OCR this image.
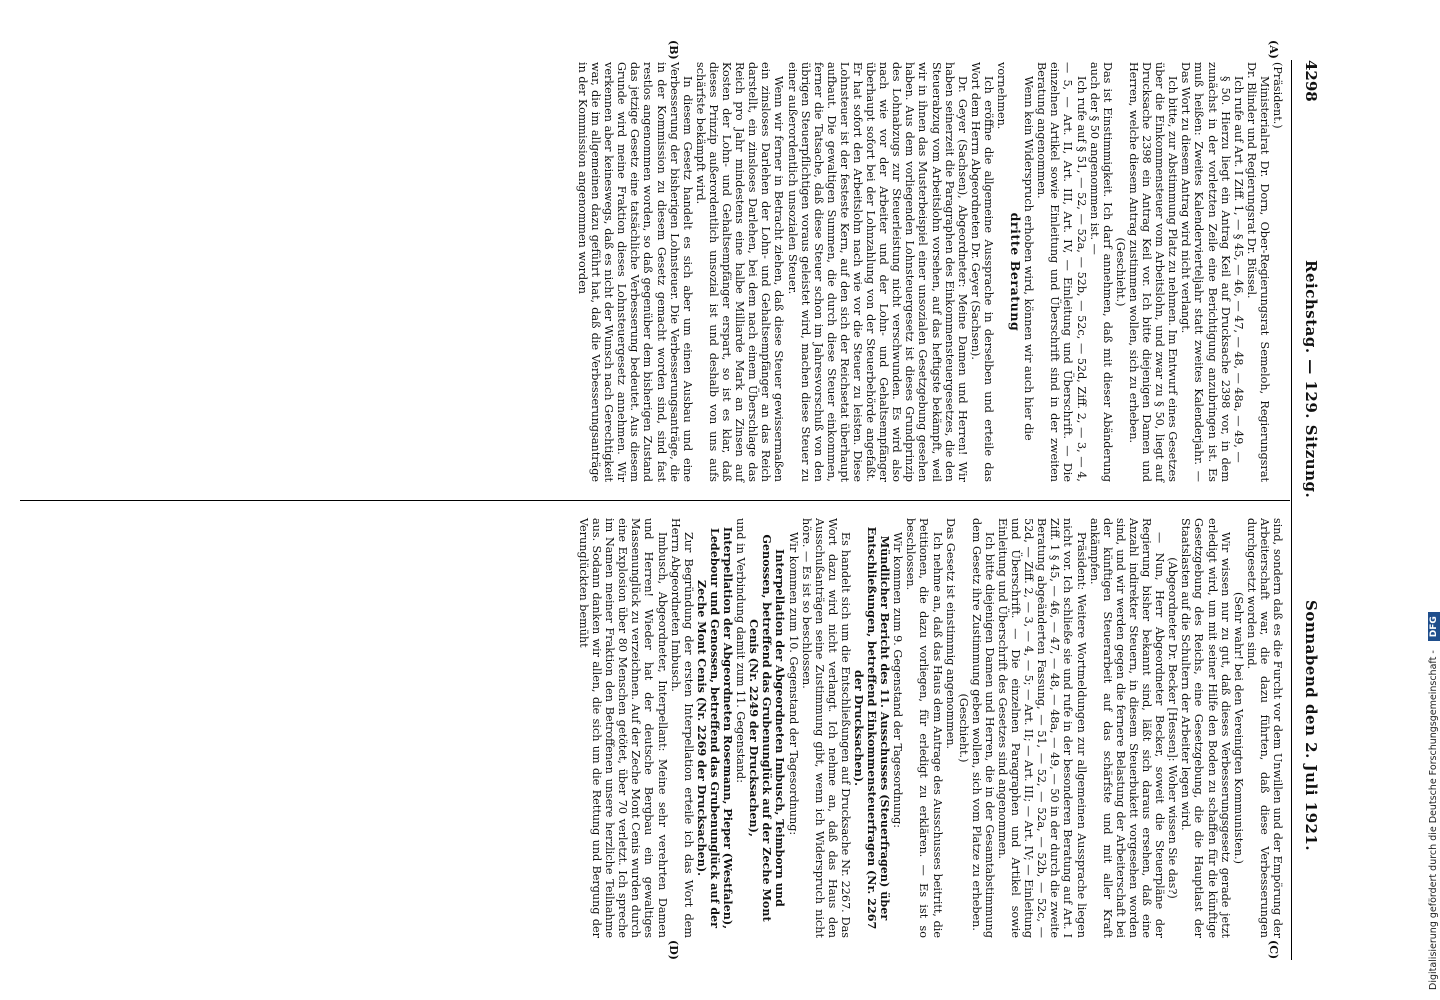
4298
Reichstag. — 129. Sitzung.
Sonnabend den 2. Juli 1921.
(A)
(B)
(C)
(D)

(Präsident.)

Ministerialrat Dr. Dorn, Ober-Regierungsrat Semeloh, Regierungsrat Dr. Blinder und Regierungsrat Dr. Büssel.

Ich rufe auf Art. I Ziff. 1, — § 45, — 46, — 47, — 48, — 48a, — 49, —

§ 50. Hierzu liegt ein Antrag Keil auf Drucksache 2398 vor, in dem zunächst in der vorletzten Zeile eine Berichtigung anzubringen ist. Es muß heißen: Zweites Kalendervierteljahr statt zweites Kalenderjahr. — Das Wort zu diesem Antrag wird nicht verlangt.

Ich bitte, zur Abstimmung Platz zu nehmen. Im Entwurf eines Gesetzes über die Einkommensteuer vom Arbeitslohn, und zwar zu § 50, liegt auf Drucksache 2398 ein Antrag Keil vor. Ich bitte diejenigen Damen und Herren, welche diesem Antrag zustimmen wollen, sich zu erheben.

(Geschieht.)

Das ist Einstimmigkeit. Ich darf annehmen, daß mit dieser Abänderung auch der § 50 angenommen ist. —

Ich rufe auf § 51, — 52, — 52a, — 52b, — 52c, — 52d, Ziff. 2, — 3, — 4, — 5, — Art. II, Art. III, Art. IV, — Einleitung und Überschrift. — Die einzelnen Artikel sowie Einleitung und Überschrift sind in der zweiten Beratung angenommen.

Wenn kein Widerspruch erhoben wird, können wir auch hier die

dritte Beratung

vornehmen.

Ich eröffne die allgemeine Aussprache in derselben und erteile das Wort dem Herrn Abgeordneten Dr. Geyer (Sachsen).

Dr. Geyer (Sachsen), Abgeordneter: Meine Damen und Herren! Wir haben seinerzeit die Paragraphen des Einkommensteuergesetzes, die den Steuerabzug vom Arbeitslohn vorsehen, auf das heftigste bekämpft, weil wir in ihnen das Musterbeispiel einer unsozialen Gesetzgebung gesehen haben. Aus dem vorliegenden Lohnsteuergesetz ist dieses Grundprinzip des Lohnabzugs zur Steuerleistung nicht verschwunden. Es wird also nach wie vor der Arbeiter und der Lohn- und Gehaltsempfänger überhaupt sofort bei der Lohnzahlung von der Steuerbehörde angefaßt. Er hat sofort den Arbeitslohn nach wie vor die Steuer zu leisten. Diese Lohnsteuer ist der festeste Kern, auf den sich der Reichsetat überhaupt aufbaut. Die gewaltigen Summen, die durch diese Steuer einkommen, ferner die Tatsache, daß diese Steuer schon im Jahresvorschuß von den übrigen Steuerpflichtigen voraus geleistet wird, machen diese Steuer zu einer außerordentlich unsozialen Steuer.

Wenn wir ferner in Betracht ziehen, daß diese Steuer gewissermaßen ein zinsloses Darlehen der Lohn- und Gehaltsempfänger an das Reich darstellt, ein zinsloses Darlehen, bei dem nach einem Überschlage das Reich pro Jahr mindestens eine halbe Milliarde Mark an Zinsen auf Kosten der Lohn- und Gehaltsempfänger erspart, so ist es klar, daß dieses Prinzip außerordentlich unsozial ist und deshalb von uns aufs schärfste bekämpft wird.

In diesem Gesetz handelt es sich aber um einen Ausbau und eine Verbesserung der bisherigen Lohnsteuer. Die Verbesserungsanträge, die in der Kommission zu diesem Gesetz gemacht worden sind, sind fast restlos angenommen worden, so daß gegenüber dem bisherigen Zustand das jetzige Gesetz eine tatsächliche Verbesserung bedeutet. Aus diesem Grunde wird meine Fraktion dieses Lohnsteuergesetz annehmen. Wir verkennen aber keineswegs, daß es nicht der Wunsch nach Gerechtigkeit war, die im allgemeinen dazu geführt hat, daß die Verbesserungsanträge in der Kommission angenommen worden

sind, sondern daß es die Furcht vor dem Unwillen und der Empörung der Arbeiterschaft war, die dazu führten, daß diese Verbesserungen durchgesetzt worden sind.

(Sehr wahr! bei den Vereinigten Kommunisten.)

Wir wissen nur zu gut, daß dieses Verbesserungsgesetz gerade jetzt erledigt wird, um mit seiner Hilfe den Boden zu schaffen für die künftige Gesetzgebung des Reichs, eine Gesetzgebung, die die Hauptlast der Staatslasten auf die Schultern der Arbeiter legen wird.

(Abgeordneter Dr. Becker [Hessen]: Woher wissen Sie das?)

— Nun, Herr Abgeordneter Becker, soweit die Steuerpläne der Regierung bisher bekannt sind, läßt sich daraus ersehen, daß eine Anzahl indirekter Steuern, in diesem Steuerbukett vorgesehen worden sind, und wir werden gegen die fernere Belastung der Arbeiterschaft bei der künftigen Steuerarbeit auf das schärfste und mit aller Kraft ankämpfen.

Präsident: Weitere Wortmeldungen zur allgemeinen Aussprache liegen nicht vor. Ich schließe sie und rufe in der besonderen Beratung auf Art. I Ziff. 1 § 45, — 46, — 47, — 48, — 48a, — 49, — 50 in der durch die zweite Beratung abgeänderten Fassung, — 51, — 52, — 52a, — 52b, — 52c, — 52d, — Ziff. 2, — 3, — 4, — 5; — Art. II; — Art. III; — Art. IV; — Einleitung und Überschrift. — Die einzelnen Paragraphen und Artikel sowie Einleitung und Überschrift des Gesetzes sind angenommen.

Ich bitte diejenigen Damen und Herren, die in der Gesamtabstimmung dem Gesetz ihre Zustimmung geben wollen, sich vom Platze zu erheben.

(Geschieht.)

Das Gesetz ist einstimmig angenommen.

Ich nehme an, daß das Haus dem Antrage des Ausschusses beitritt, die Petitionen, die dazu vorliegen, für erledigt zu erklären. — Es ist so beschlossen.

Wir kommen zum 9. Gegenstand der Tagesordnung:

Mündlicher Bericht des 11. Ausschusses (Steuerfragen) über Entschließungen, betreffend Einkommensteuerfragen (Nr. 2267 der Drucksachen).

Es handelt sich um die Entschließungen auf Drucksache Nr. 2267. Das Wort dazu wird nicht verlangt. Ich nehme an, daß das Haus den Ausschußanträgen seine Zustimmung gibt, wenn ich Widerspruch nicht höre. — Es ist so beschlossen.

Wir kommen zum 10. Gegenstand der Tagesordnung:

Interpellation der Abgeordneten Imbusch, Teimborn und Genossen, betreffend das Grubenunglück auf der Zeche Mont Cenis (Nr. 2249 der Drucksachen),

und in Verbindung damit zum 11. Gegenstand:

Interpellation der Abgeordneten Rosemann, Pieper (Westfalen), Ledebour und Genossen, betreffend das Grubenunglück auf der Zeche Mont Cenis (Nr. 2269 der Drucksachen).

Zur Begründung der ersten Interpellation erteile ich das Wort dem Herrn Abgeordneten Imbusch.

Imbusch, Abgeordneter, Interpellant: Meine sehr verehrten Damen und Herren! Wieder hat der deutsche Bergbau ein gewaltiges Massenunglück zu verzeichnen. Auf der Zeche Mont Cenis wurden durch eine Explosion über 80 Menschen getötet, über 70 verletzt. Ich spreche im Namen meiner Fraktion den Betroffenen unsere herzliche Teilnahme aus. Sodann danken wir allen, die sich um die Rettung und Bergung der Verunglückten bemüht

Digitalisierung gefördert durch die Deutsche Forschungsgemeinschaft - DFG
